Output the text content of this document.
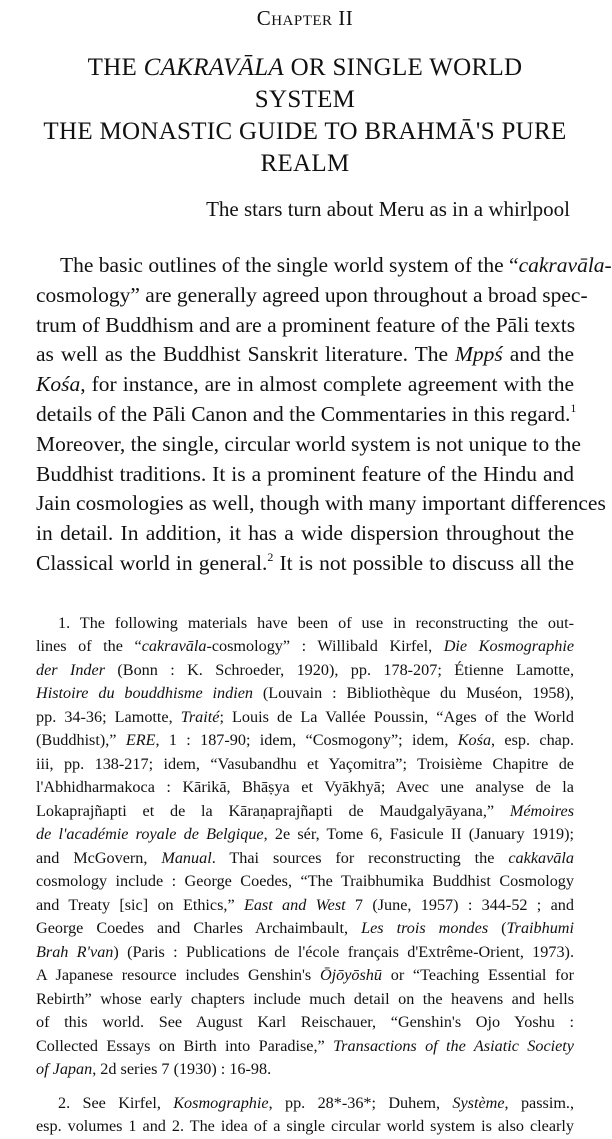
Chapter II

THE CAKRAVĀLA OR SINGLE WORLD SYSTEM
THE MONASTIC GUIDE TO BRAHMĀ'S PURE REALM

The stars turn about Meru as in a whirlpool

The basic outlines of the single world system of the “cakravāla-
cosmology” are generally agreed upon throughout a broad spec-
trum of Buddhism and are a prominent feature of the Pāli texts
as well as the Buddhist Sanskrit literature. The Mppś and the
Kośa, for instance, are in almost complete agreement with the
details of the Pāli Canon and the Commentaries in this regard.$^1$
Moreover, the single, circular world system is not unique to the
Buddhist traditions. It is a prominent feature of the Hindu and
Jain cosmologies as well, though with many important differences
in detail. In addition, it has a wide dispersion throughout the
Classical world in general.$^2$ It is not possible to discuss all the
1. The following materials have been of use in reconstructing the out-
lines of the “cakravāla-cosmology” : Willibald Kirfel, Die Kosmographie
der Inder (Bonn : K. Schroeder, 1920), pp. 178-207; Étienne Lamotte,
Histoire du bouddhisme indien (Louvain : Bibliothèque du Muséon, 1958),
pp. 34-36; Lamotte, Traité; Louis de La Vallée Poussin, “Ages of the World
(Buddhist),” ERE, 1 : 187-90; idem, “Cosmogony”; idem, Kośa, esp. chap.
iii, pp. 138-217; idem, “Vasubandhu et Yaçomitra”; Troisième Chapitre de
l'Abhidharmakoca : Kārikā, Bhāṣya et Vyākhyā; Avec une analyse de la
Lokaprajñapti et de la Kāraṇaprajñapti de Maudgalyāyana,” Mémoires
de l'académie royale de Belgique, 2e sér, Tome 6, Fasicule II (January 1919);
and McGovern, Manual. Thai sources for reconstructing the cakkavāla
cosmology include : George Coedes, “The Traibhumika Buddhist Cosmology
and Treaty [sic] on Ethics,” East and West 7 (June, 1957) : 344-52 ; and
George Coedes and Charles Archaimbault, Les trois mondes (Traibhumi
Brah R'van) (Paris : Publications de l'école français d'Extrême-Orient, 1973).
A Japanese resource includes Genshin's Ōjōyōshū or “Teaching Essential for
Rebirth” whose early chapters include much detail on the heavens and hells
of this world. See August Karl Reischauer, “Genshin's Ojo Yoshu :
Collected Essays on Birth into Paradise,” Transactions of the Asiatic Society
of Japan, 2d series 7 (1930) : 16-98.
2. See Kirfel, Kosmographie, pp. 28*-36*; Duhem, Système, passim.,
esp. volumes 1 and 2. The idea of a single circular world system is also clearly
